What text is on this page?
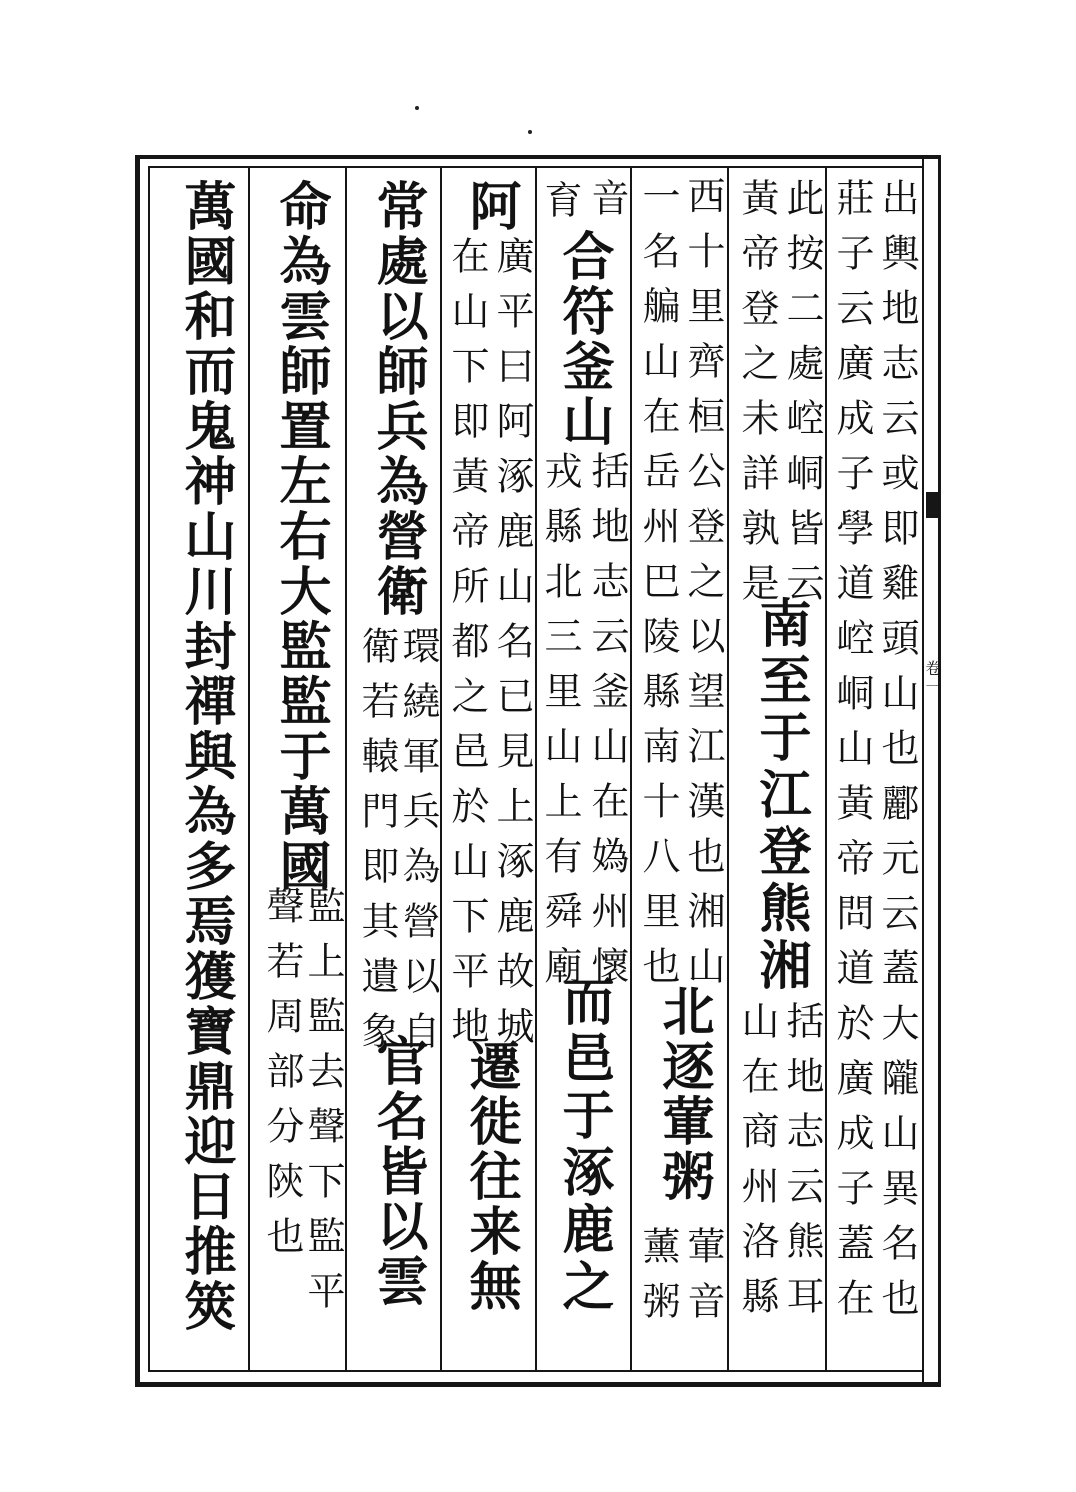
卷一
出輿地志云或即雞頭山也酈元云蓋大隴山異名也
莊子云廣成子學道崆峒山黃帝問道於廣成子蓋在
此按二處崆峒皆云
黃帝登之未詳孰是
南至于江登熊湘
括地志云熊耳
山在商州洛縣
西十里齊桓公登之以望江漢也湘山
一名艑山在岳州巴陵縣南十八里也
北逐葷粥
葷音
薰粥
音
育
合符釜山
括地志云釜山在媯州懷
戎縣北三里山上有舜廟
而邑于涿鹿之
阿
廣平曰阿涿鹿山名已見上涿鹿故城
在山下即黃帝所都之邑於山下平地
遷徙往来無
常處以師兵為營衛
環繞軍兵為營以自
衛若轅門即其遺象
官名皆以雲
命為雲師置左右大監監于萬國
監上監去聲下監平
聲若周部分陝也
萬國和而鬼神山川封禪與為多焉獲寶鼎迎日推筴
